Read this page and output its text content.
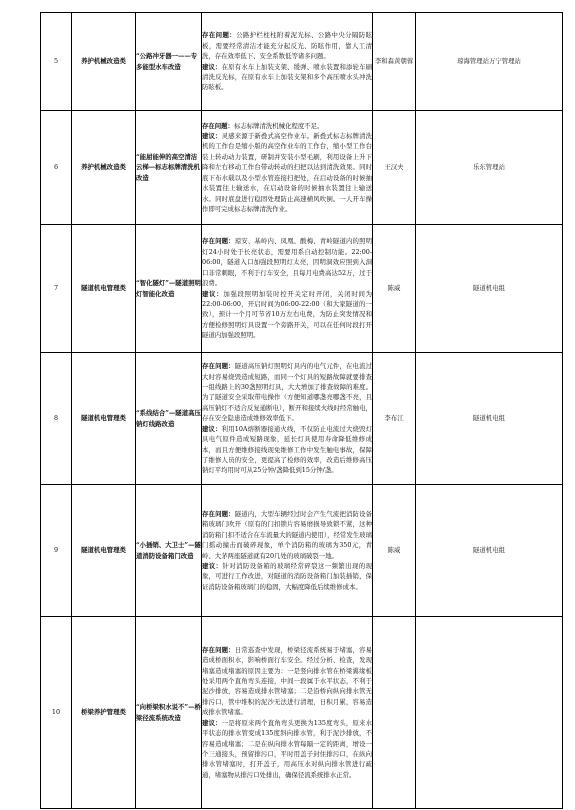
5	养护机械改造类	“公路冲牙器一——专多能型水车改造	存在问题：公路护栏柱柱附着泥光标、公路中央分隔防眩板，需要经常清洁才能充分起反光、防眩作用，靠人工清洗，存在效率低下、安全系数低等诸多问题。
建议：在原有水车上加装支架、缓弹、喷水装置和添轮车刷清洗反光标，在原有水车上加装支架和多个高压喷水头冲洗防眩板。	李和森黄朝蓉	琼海管理站万宁管理站
6	养护机械改造类	“能屈能伸的高空清洁云梯—标志标牌清洗机改造	存在问题：标志标牌清洗机械化程度不足。
建议：灵感来源于新叠式高空作业车。新叠式标志标牌清洗机的工作台是缩小版的高空作业车的工作台，缩小型工作台装上转动动力装置，研制并安装小型毛刷，利用设备上升下降和左右移动工作台带动转动的扫把以达到清洗效果。同时底下布水载以及小型水管连接扫把处，在启动设备的时候抽水装置往上输送水，在启动设备的时候抽水装置往上输送水。同时底盘进行稳固处理防止高速横风吹倒。一人开车操作即可完成标志标牌清洗作业。	王汉夫	乐东管理站
7	隧道机电管理类	“智化隧灯”—隧道照明灯智能化改造	存在问题：琼安、基岭内、凤凰、酸梅、青岭隧道内的照明灯24小时处于长亮状态，需要用系自动控制功能。22:00-06:00，隧道入口加强段照明灯太亮，因明洞效应照到入洞口非常刺眼，不利于行车安全，且每月电费高达52万，过于浪费。
建议：加强段照明加装时控开关定时开闭，关闭时间为22:00-06:00，开启时间为06:00-22:00（和大家隧道的一致），预计一个月可节省10万左右电费，为防止突发情况和方便检修照明灯具设置一个旁路开关，可以在任何时段打开隧道内加强段照明。	陈威	隧道机电组
8	隧道机电管理类	“系线结合”—隧道高压钠灯线路改造	存在问题：隧道高压钠灯照明灯具内的电气元件，在电流过大时容易烧毁造成短路，而同一个灯具的短路故障就要排查一组线路上的30盏照明灯具，大大增加了排查故障的难度。为了隧道安全采取带电操作（方便知道哪盏亮哪盏不亮，且高压钠灯不适合反复通断电），断开和接续火线时经常触电，存在安全隐患造成维修效率低下。
建议：利用10A熔断器接通火线，不仅防止电流过大烧毁灯具电气原件造成短路现象，延长灯具使用寿命降低维修成本，而且方便维修接线现免维修工作中发生触电事故，保障了维修人员的安全，更提高了检修的效率，改造后维修高压钠灯平均用时可从25分钟/盏降低到15分钟/盏。	李布江	隧道机电组
9	隧道机电管理类	“小插销、大卫士”—隧道消防设备箱门改造	存在问题：隧道内，大型车辆经过时会产生气流把消防设备箱玻璃门吹开（原有的门扣锁片容易磨损导致锁不紧，这种消防箱门扣不适合在车流量大的隧道内使用），经常发生玻璃门摇动撞击而破碎现象，单个消防箱的玻璃为350元，青岭、大茅两座隧道就有20几处的玻璃破裂一地。
建议：针对消防设备箱的玻璃经常碎裂这一频繁出现的现象，可进行工作改进，对隧道的消防设备箱门加装插销，保证消防设备箱玻璃门的稳固，大幅度降低后续维修成本。	陈威	隧道机电组
10	桥梁养护管理类	“向桥梁积水说不”—桥梁径流系统改造	存在问题：日常巡查中发现，桥梁径流系统易于堵塞，容易造成桥面积水，影响桥面行车安全。经过分析、检查，发现堵塞造成堵塞的原因主要为：一是竖向排水管在桥梁翼缘板处采用两个直角弯头连接，中间一段属于水平状态，不利于泥沙排放，容易造成排水管堵塞；二是沿桥向纵向排水管无排污口，管中堆积的泥沙无法进行清理，日积月累，容易造成排水管堵塞。
建议：一是将原来两个直角弯头更换为135度弯头，原来水平状态的排水管变成135度斜向排水管，利于泥沙排放，不容易造成堵塞；二是在纵向排水管每隔一定的距离，增设一个三通接头，预留排污口，平时用盖子封住排污口，在纵向排水管堵塞时，打开盖子，用高压水对纵向排水管进行疏通，堵塞物从排污口处排出，确保径流系统排水正常。		
